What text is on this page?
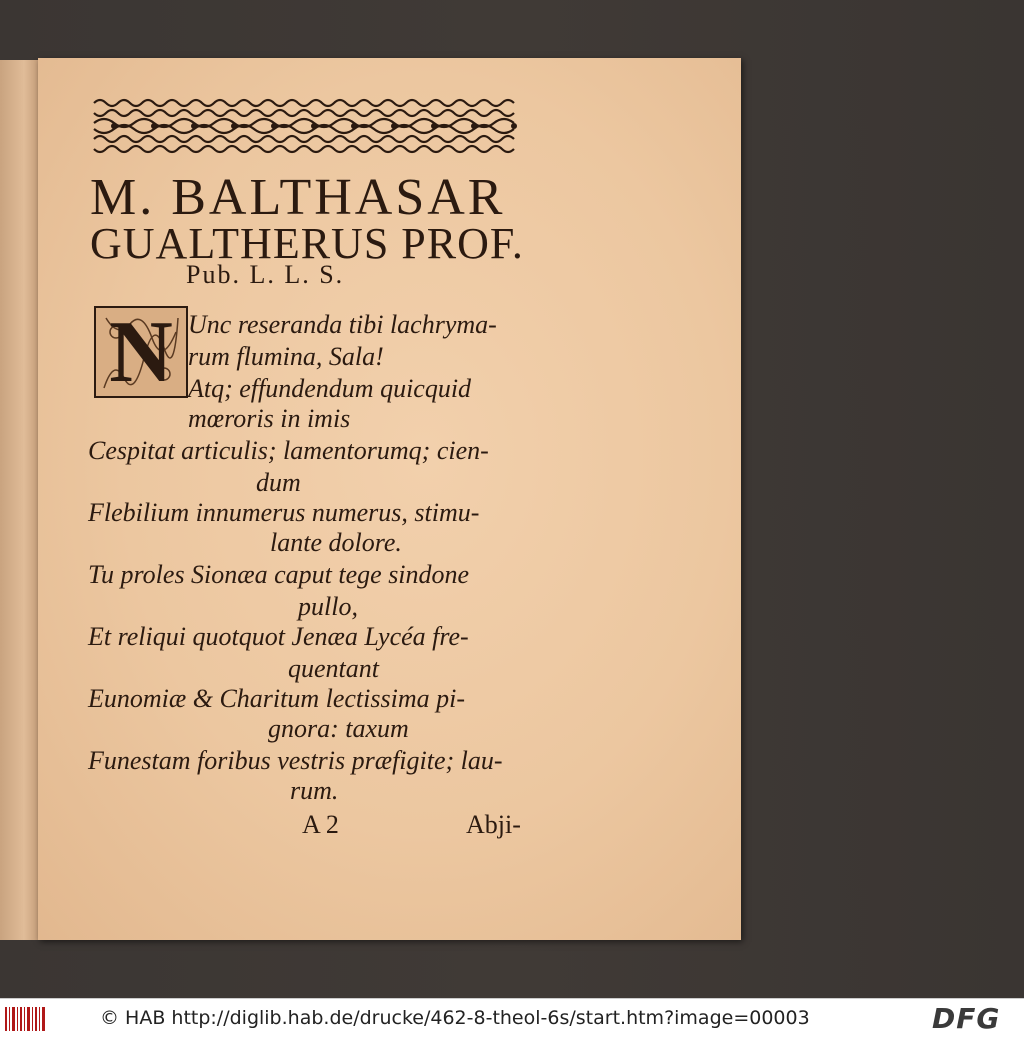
M. BALTHASAR
GUALTHERUS PROF.
Pub. L. L. S.
N Unc reseranda tibi lachryma-
rum flumina, Sala!
Atq; effundendum quicquid
mœroris in imis
Cespitat articulis; lamentorumq; cien-
dum
Flebilium innumerus numerus, stimu-
lante dolore.
Tu proles Sionæa caput tege sindone
pullo,
Et reliqui quotquot Jenæa Lycéa fre-
quentant
Eunomiæ & Charitum lectissima pi-
gnora: taxum
Funestam foribus vestris præfigite; lau-
rum.
A 2	Abji-
© HAB http://diglib.hab.de/drucke/462-8-theol-6s/start.htm?image=00003	DFG
